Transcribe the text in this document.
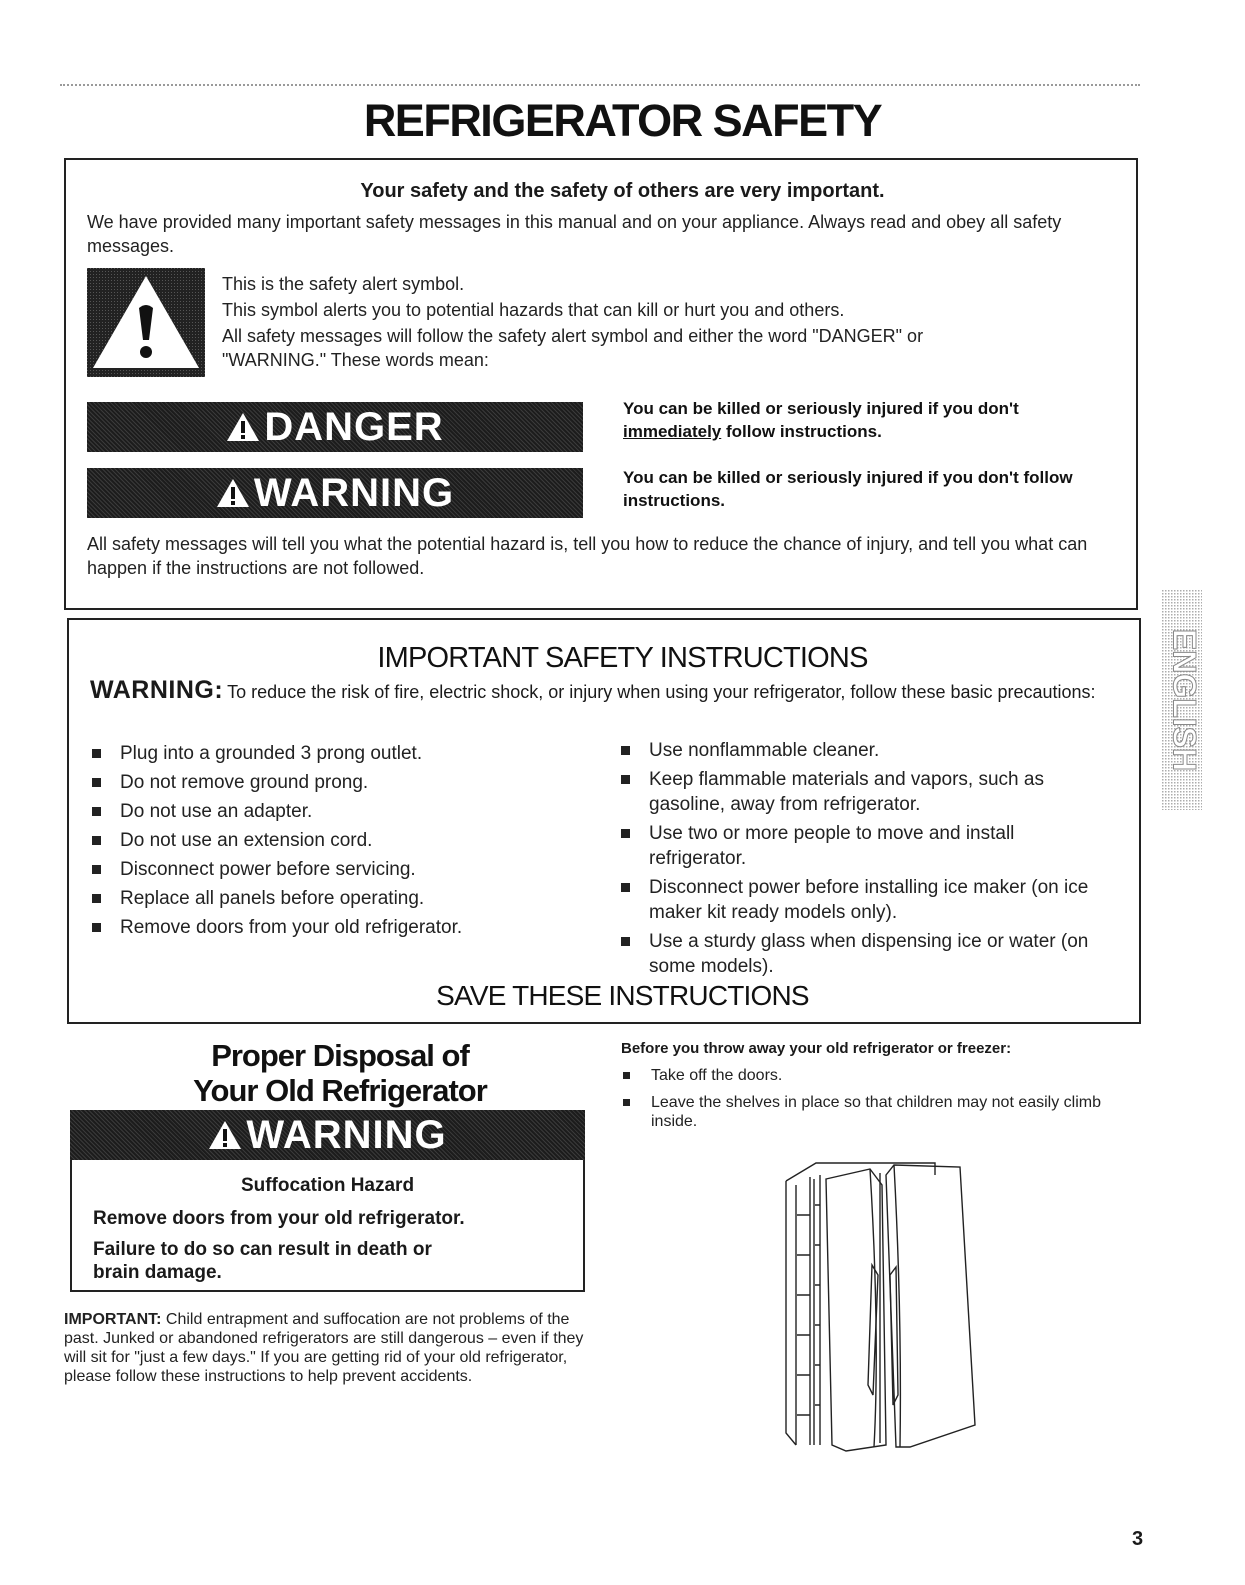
REFRIGERATOR SAFETY
Your safety and the safety of others are very important.
We have provided many important safety messages in this manual and on your appliance. Always read and obey all safety messages.
This is the safety alert symbol.
This symbol alerts you to potential hazards that can kill or hurt you and others.
All safety messages will follow the safety alert symbol and either the word "DANGER" or "WARNING." These words mean:
DANGER	You can be killed or seriously injured if you don't
immediately follow instructions.
WARNING	You can be killed or seriously injured if you don't follow instructions.
All safety messages will tell you what the potential hazard is, tell you how to reduce the chance of injury, and tell you what can happen if the instructions are not followed.
IMPORTANT SAFETY INSTRUCTIONS
WARNING: To reduce the risk of fire, electric shock, or injury when using your refrigerator, follow these basic precautions:
Plug into a grounded 3 prong outlet.
Do not remove ground prong.
Do not use an adapter.
Do not use an extension cord.
Disconnect power before servicing.
Replace all panels before operating.
Remove doors from your old refrigerator.
Use nonflammable cleaner.
Keep flammable materials and vapors, such as gasoline, away from refrigerator.
Use two or more people to move and install refrigerator.
Disconnect power before installing ice maker (on ice maker kit ready models only).
Use a sturdy glass when dispensing ice or water (on some models).
SAVE THESE INSTRUCTIONS
Proper Disposal of
Your Old Refrigerator
WARNING
Suffocation Hazard
Remove doors from your old refrigerator.
Failure to do so can result in death or brain damage.
IMPORTANT: Child entrapment and suffocation are not problems of the past. Junked or abandoned refrigerators are still dangerous – even if they will sit for "just a few days." If you are getting rid of your old refrigerator, please follow these instructions to help prevent accidents.
Before you throw away your old refrigerator or freezer:
Take off the doors.
Leave the shelves in place so that children may not easily climb inside.
ENGLISH
3
